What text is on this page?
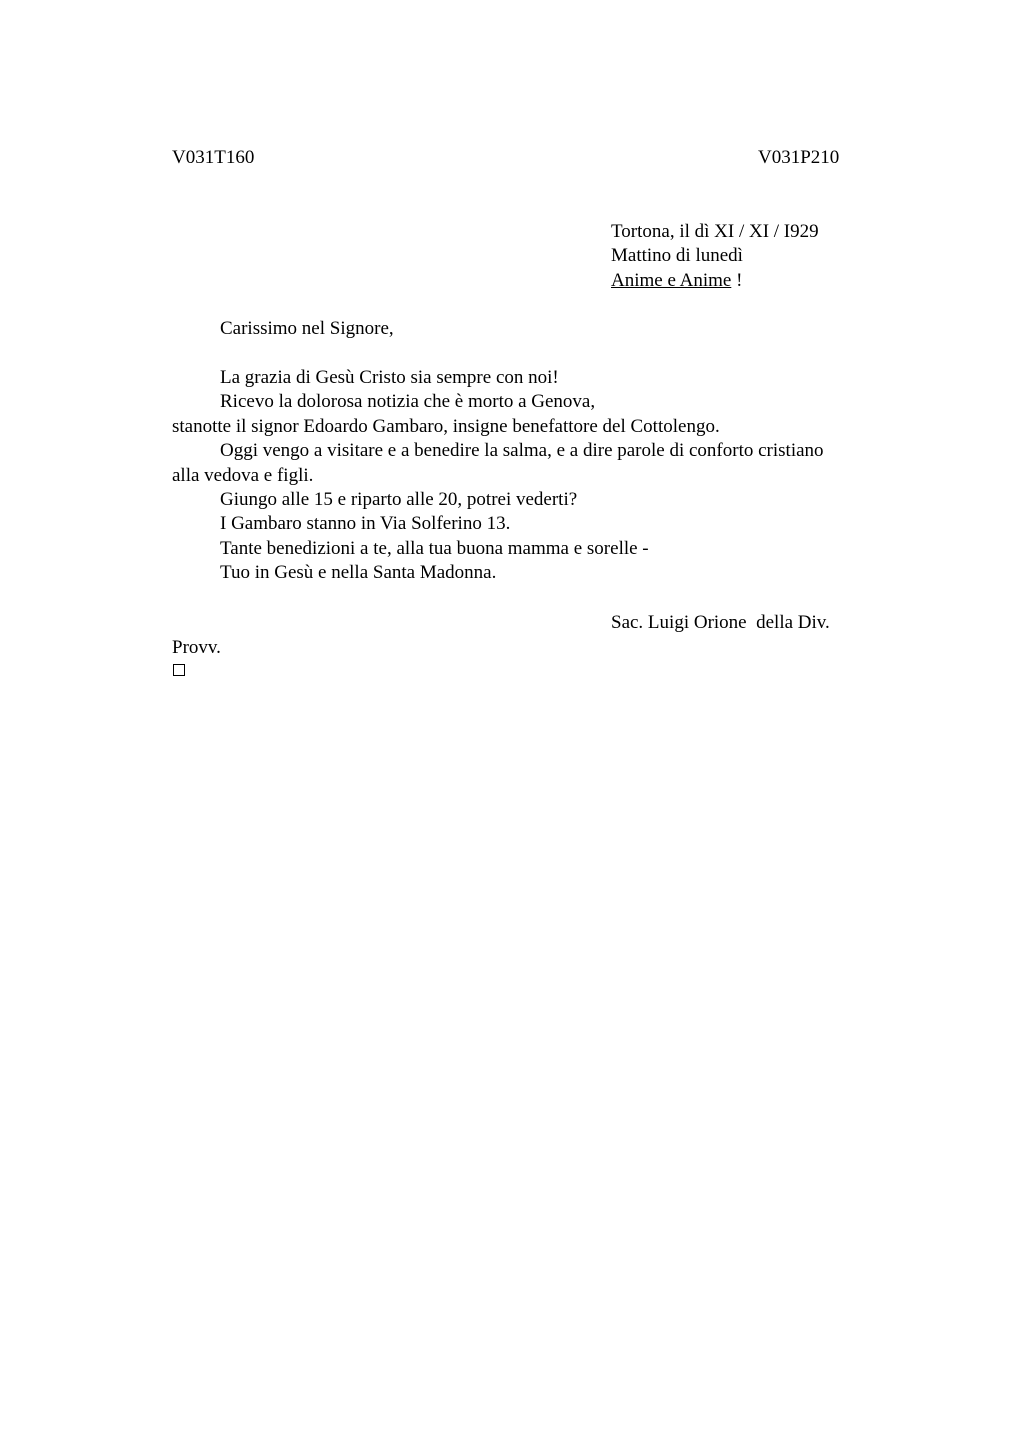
V031T160	V031P210
Tortona, il dì XI / XI / I929
Mattino di lunedì
Anime e Anime !
Carissimo nel Signore,
La grazia di Gesù Cristo sia sempre con noi!
Ricevo la dolorosa notizia che è morto a Genova,
stanotte il signor Edoardo Gambaro, insigne benefattore del Cottolengo.
Oggi vengo a visitare e a benedire la salma, e a dire parole di conforto cristiano
alla vedova e figli.
Giungo alle 15 e riparto alle 20, potrei vederti?
I Gambaro stanno in Via Solferino 13.
Tante benedizioni a te, alla tua buona mamma e sorelle -
Tuo in Gesù e nella Santa Madonna.
Sac. Luigi Orione  della Div.
Provv.
